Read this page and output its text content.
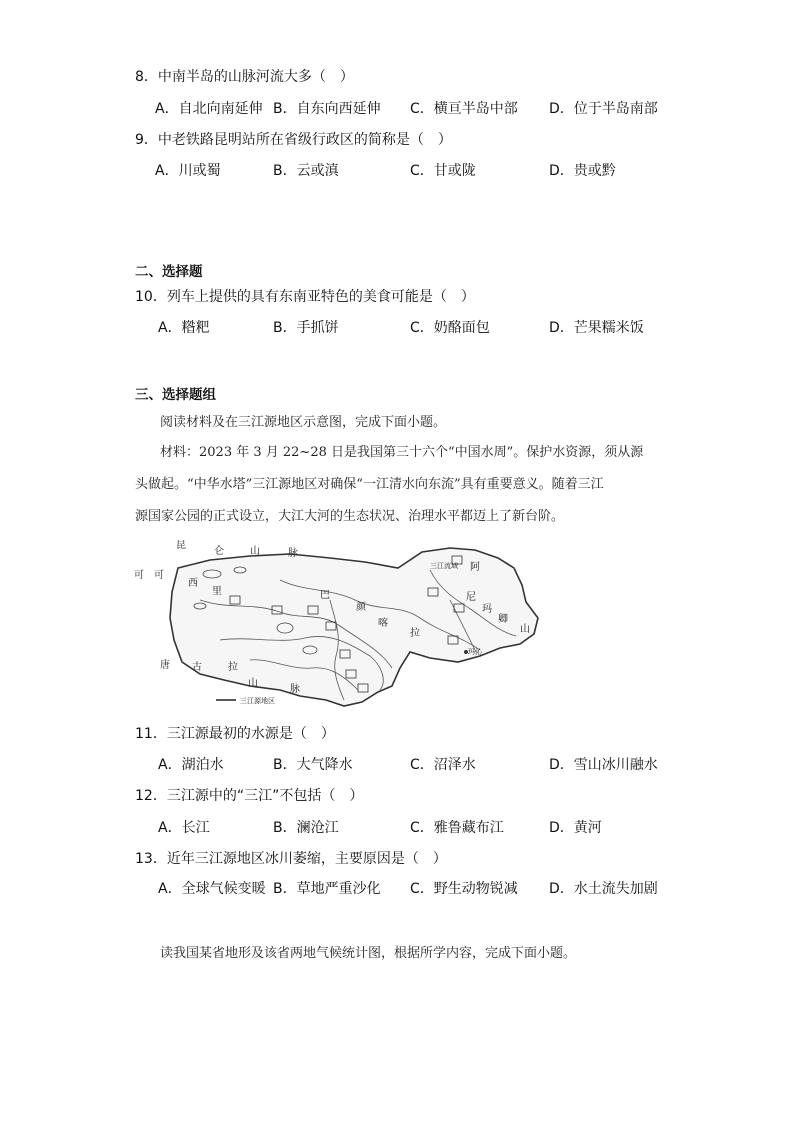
8．中南半岛的山脉河流大多（　）
A．自北向南延伸 B．自东向西延伸 C．横亘半岛中部 D．位于半岛南部
9．中老铁路昆明站所在省级行政区的简称是（　）
A．川或蜀	B．云或滇	C．甘或陇	D．贵或黔
二、选择题
10．列车上提供的具有东南亚特色的美食可能是（　）
A．糌粑	B．手抓饼	C．奶酪面包	D．芒果糯米饭
三、选择题组
阅读材料及在三江源地区示意图，完成下面小题。
材料：2023 年 3 月 22~28 日是我国第三十六个“中国水周”。保护水资源，须从源
头做起。“中华水塔”三江源地区对确保“一江清水向东流”具有重要意义。随着三江
源国家公园的正式设立，大江大河的生态状况、治理水平都迈上了新台阶。
昆
仑	山	脉
可 可
西
里	巴
颜
喀
拉
阿
尼
玛
卿
山
唐 古	拉
山
脉
玛沁
三江流域
三江源地区
11．三江源最初的水源是（　）
A．湖泊水	B．大气降水	C．沼泽水	D．雪山冰川融水
12．三江源中的“三江”不包括（　）
A．长江	B．澜沧江	C．雅鲁藏布江	D．黄河
13．近年三江源地区冰川萎缩，主要原因是（　）
A．全球气候变暖 B．草地严重沙化 C．野生动物锐减 D．水土流失加剧
读我国某省地形及该省两地气候统计图，根据所学内容，完成下面小题。
